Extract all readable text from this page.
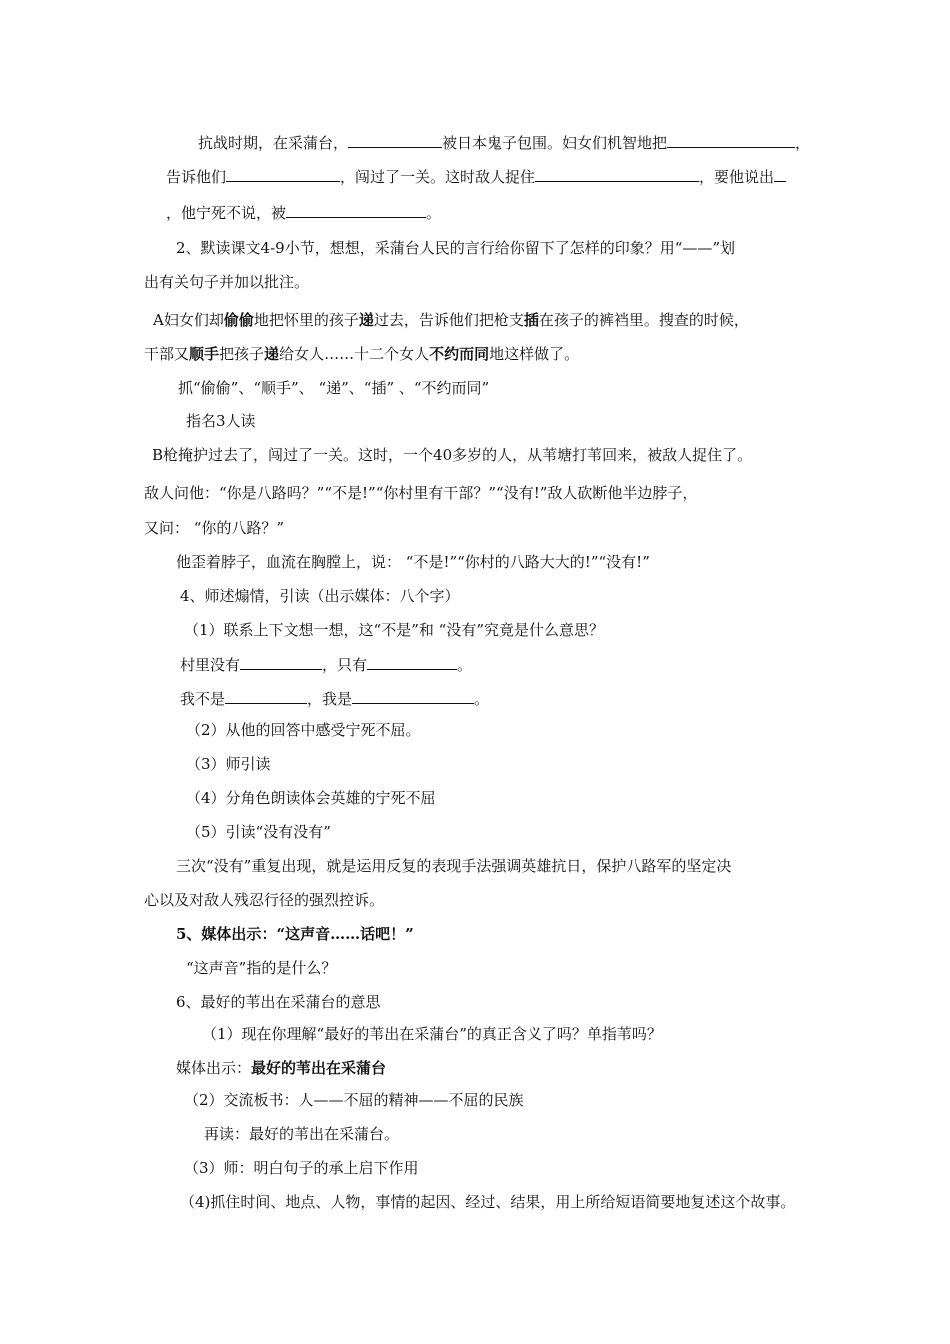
抗战时期，在采蒲台，	被日本鬼子包围。妇女们机智地把	，
告诉他们	，闯过了一关。这时敌人捉住	，要他说出
，他宁死不说，被	。
2、默读课文4-9小节，想想，采蒲台人民的言行给你留下了怎样的印象？用“——”划
出有关句子并加以批注。
A妇女们却偷偷地把怀里的孩子递过去，告诉他们把枪支插在孩子的裤裆里。搜查的时候，
干部又顺手把孩子递给女人……十二个女人不约而同地这样做了。
抓“偷偷”、“顺手”、 “递”、“插” 、“不约而同”
指名3人读
B枪掩护过去了，闯过了一关。这时，一个40多岁的人，从苇塘打苇回来，被敌人捉住了。
敌人问他：“你是八路吗？”“不是!”“你村里有干部？”“没有!”敌人砍断他半边脖子，
又问： “你的八路？”
他歪着脖子，血流在胸膛上，说： “不是!”“你村的八路大大的!”“没有!”
4、师述煽情，引读（出示媒体：八个字）
（1）联系上下文想一想，这“不是”和 “没有”究竟是什么意思？
村里没有	，只有	。
我不是	，我是	。
（2）从他的回答中感受宁死不屈。
（3）师引读
（4）分角色朗读体会英雄的宁死不屈
（5）引读“没有没有”
三次“没有”重复出现，就是运用反复的表现手法强调英雄抗日，保护八路军的坚定决
心以及对敌人残忍行径的强烈控诉。
5、媒体出示：“这声音……话吧！”
“这声音”指的是什么？
6、最好的苇出在采蒲台的意思
（1）现在你理解“最好的苇出在采蒲台”的真正含义了吗？单指苇吗？
媒体出示：最好的苇出在采蒲台
（2）交流板书：人——不屈的精神——不屈的民族
再读：最好的苇出在采蒲台。
（3）师：明白句子的承上启下作用
（4)抓住时间、地点、人物，事情的起因、经过、结果，用上所给短语简要地复述这个故事。
